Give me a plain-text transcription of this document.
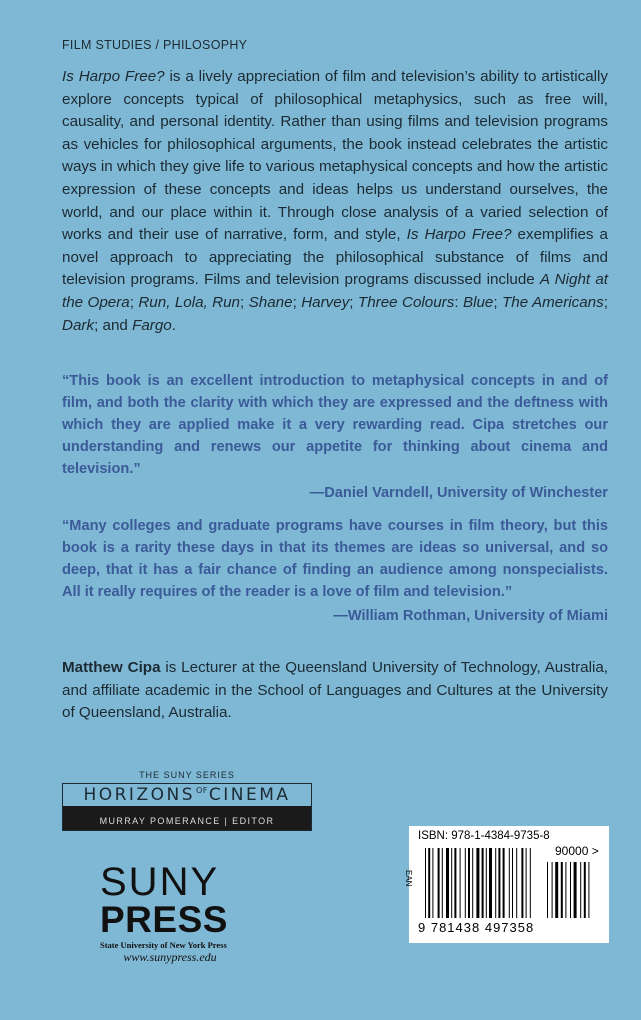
FILM STUDIES / PHILOSOPHY

Is Harpo Free? is a lively appreciation of film and television’s ability to artistically explore concepts typical of philosophical metaphysics, such as free will, causality, and personal identity. Rather than using films and television programs as vehicles for philosophical arguments, the book instead celebrates the artistic ways in which they give life to various metaphysical concepts and how the artistic expression of these concepts and ideas helps us understand ourselves, the world, and our place within it. Through close analysis of a varied selection of works and their use of narrative, form, and style, Is Harpo Free? exemplifies a novel approach to appreciating the philosophical substance of films and television programs. Films and television programs discussed include A Night at the Opera; Run, Lola, Run; Shane; Harvey; Three Colours: Blue; The Americans; Dark; and Fargo.

“This book is an excellent introduction to metaphysical concepts in and of film, and both the clarity with which they are expressed and the deftness with which they are applied make it a very rewarding read. Cipa stretches our understanding and renews our appetite for thinking about cinema and television.”
—Daniel Varndell, University of Winchester
“Many colleges and graduate programs have courses in film theory, but this book is a rarity these days in that its themes are ideas so universal, and so deep, that it has a fair chance of finding an audience among nonspecialists. All it really requires of the reader is a love of film and television.”
—William Rothman, University of Miami
Matthew Cipa is Lecturer at the Queensland University of Technology, Australia, and affiliate academic in the School of Languages and Cultures at the University of Queensland, Australia.
THE SUNY SERIES
HORIZ O NS OF CINEMA
MURRAY POMERANCE | EDITOR
SUNY
PRESS
State University of New York Press
www.sunypress.edu
ISBN: 978-1-4384-9735-8
EAN
90000 >
9 781438 497358
